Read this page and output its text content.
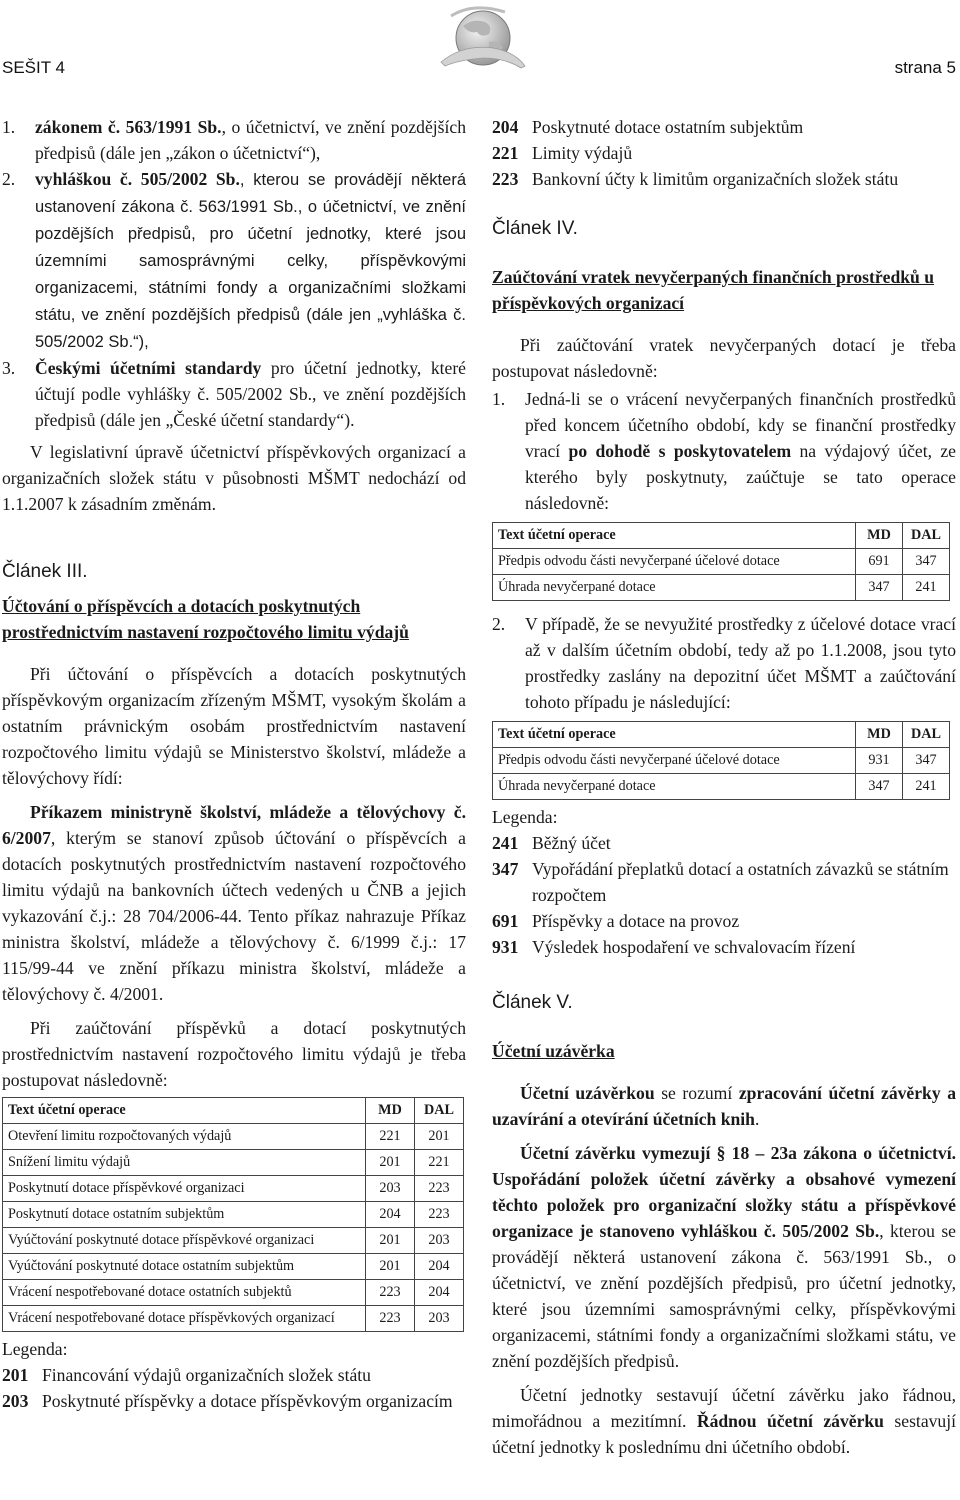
SEŠIT 4	strana 5

1. zákonem č. 563/1991 Sb., o účetnictví, ve znění pozdějších předpisů (dále jen „zákon o účetnictví“),

2. vyhláškou č. 505/2002 Sb., kterou se provádějí některá ustanovení zákona č. 563/1991 Sb., o účetnictví, ve znění pozdějších předpisů, pro účetní jednotky, které jsou územními samosprávnými celky, příspěvkovými organizacemi, státními fondy a organizačními složkami státu, ve znění pozdějších předpisů (dále jen „vyhláška č. 505/2002 Sb.“),

3. Českými účetními standardy pro účetní jednotky, které účtují podle vyhlášky č. 505/2002 Sb., ve znění pozdějších předpisů (dále jen „České účetní standardy“).

V legislativní úpravě účetnictví příspěvkových organizací a organizačních složek státu v působnosti MŠMT nedochází od 1.1.2007 k zásadním změnám.

Článek III.

Účtování o příspěvcích a dotacích poskytnutých prostřednictvím nastavení rozpočtového limitu výdajů

Při účtování o příspěvcích a dotacích poskytnutých příspěvkovým organizacím zřízeným MŠMT, vysokým školám a ostatním právnickým osobám prostřednictvím nastavení rozpočtového limitu výdajů se Ministerstvo školství, mládeže a tělovýchovy řídí:

Příkazem ministryně školství, mládeže a tělovýchovy č. 6/2007, kterým se stanoví způsob účtování o příspěvcích a dotacích poskytnutých prostřednictvím nastavení rozpočtového limitu výdajů na bankovních účtech vedených u ČNB a jejich vykazování č.j.: 28 704/2006-44. Tento příkaz nahrazuje Příkaz ministra školství, mládeže a tělovýchovy č. 6/1999 č.j.: 17 115/99-44 ve znění příkazu ministra školství, mládeže a tělovýchovy č. 4/2001.

Při zaúčtování příspěvků a dotací poskytnutých prostřednictvím nastavení rozpočtového limitu výdajů je třeba postupovat následovně:

Text účetní operace	MD	DAL
Otevření limitu rozpočtovaných výdajů	221	201
Snížení limitu výdajů	201	221
Poskytnutí dotace příspěvkové organizaci	203	223
Poskytnutí dotace ostatním subjektům	204	223
Vyúčtování poskytnuté dotace příspěvkové organizaci	201	203
Vyúčtování poskytnuté dotace ostatním subjektům	201	204
Vrácení nespotřebované dotace ostatních subjektů	223	204
Vrácení nespotřebované dotace příspěvkových organizací	223	203

Legenda:

201 Financování výdajů organizačních složek státu

203 Poskytnuté příspěvky a dotace příspěvkovým organizacím

204 Poskytnuté dotace ostatním subjektům

221 Limity výdajů

223 Bankovní účty k limitům organizačních složek státu

Článek IV.

Zaúčtování vratek nevyčerpaných finančních prostředků u příspěvkových organizací

Při zaúčtování vratek nevyčerpaných dotací je třeba postupovat následovně:

1. Jedná-li se o vrácení nevyčerpaných finančních prostředků před koncem účetního období, kdy se finanční prostředky vrací po dohodě s poskytovatelem na výdajový účet, ze kterého byly poskytnuty, zaúčtuje se tato operace následovně:

Text účetní operace	MD	DAL
Předpis odvodu části nevyčerpané účelové dotace	691	347
Úhrada nevyčerpané dotace	347	241

2. V případě, že se nevyužité prostředky z účelové dotace vrací až v dalším účetním období, tedy až po 1.1.2008, jsou tyto prostředky zaslány na depozitní účet MŠMT a zaúčtování tohoto případu je následující:

Text účetní operace	MD	DAL
Předpis odvodu části nevyčerpané účelové dotace	931	347
Úhrada nevyčerpané dotace	347	241

Legenda:

241 Běžný účet

347 Vypořádání přeplatků dotací a ostatních závazků se státním rozpočtem

691 Příspěvky a dotace na provoz

931 Výsledek hospodaření ve schvalovacím řízení

Článek V.

Účetní uzávěrka

Účetní uzávěrkou se rozumí zpracování účetní závěrky a uzavírání a otevírání účetních knih.

Účetní závěrku vymezují § 18 – 23a zákona o účetnictví. Uspořádání položek účetní závěrky a obsahové vymezení těchto položek pro organizační složky státu a příspěvkové organizace je stanoveno vyhláškou č. 505/2002 Sb., kterou se provádějí některá ustanovení zákona č. 563/1991 Sb., o účetnictví, ve znění pozdějších předpisů, pro účetní jednotky, které jsou územními samosprávnými celky, příspěvkovými organizacemi, státními fondy a organizačními složkami státu, ve znění pozdějších předpisů.

Účetní jednotky sestavují účetní závěrku jako řádnou, mimořádnou a mezitímní. Řádnou účetní závěrku sestavují účetní jednotky k poslednímu dni účetního období.
